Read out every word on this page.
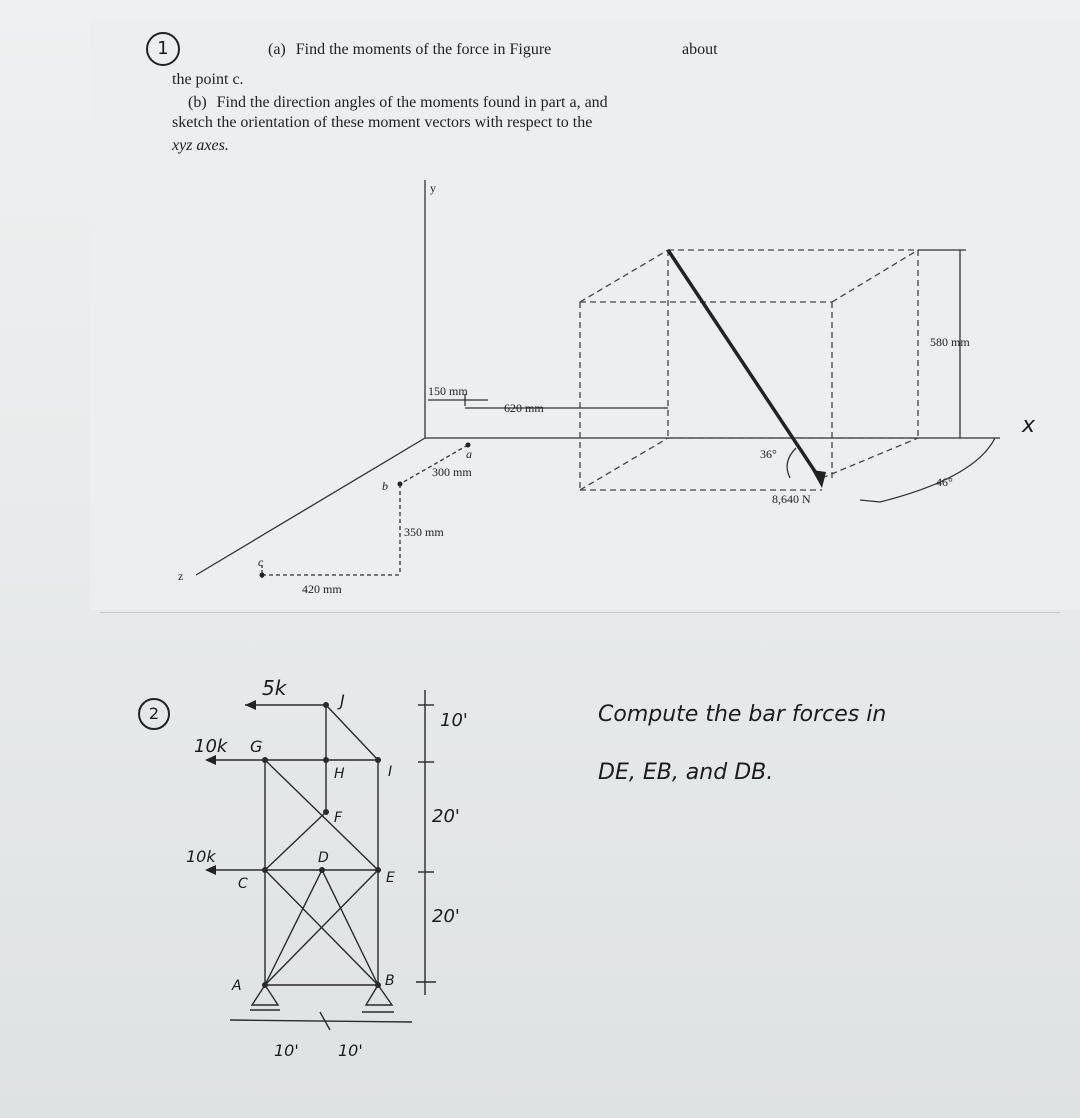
1	(a) Find the moments of the force in Figure	about
the point c.
(b) Find the direction angles of the moments found in part a, and
sketch the orientation of these moment vectors with respect to the
xyz axes.
y
x
z
a
b
c
150 mm
620 mm
300 mm
350 mm
420 mm
580 mm
36°
46°
8,640 N
2	Compute the bar forces in
DE, EB, and DB.
5k
10k
10k
J
G
H	I
F
D
E
C
A	B
10'
20'
20'
10' 10'
